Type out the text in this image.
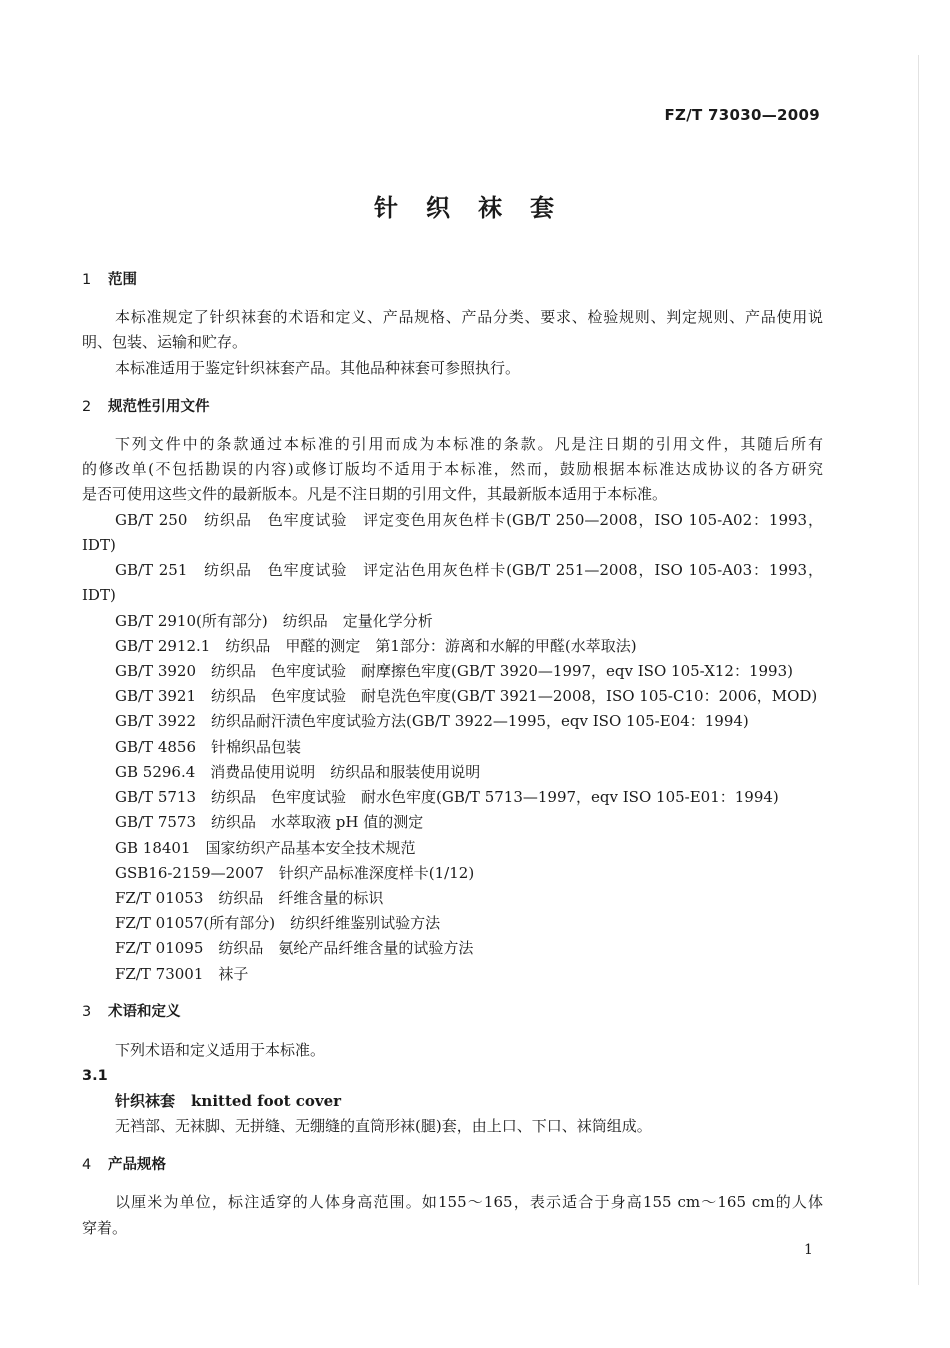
FZ/T 73030—2009
针织袜套
1 范围
本标准规定了针织袜套的术语和定义、产品规格、产品分类、要求、检验规则、判定规则、产品使用说
明、包装、运输和贮存。
本标准适用于鉴定针织袜套产品。其他品种袜套可参照执行。
2 规范性引用文件
下列文件中的条款通过本标准的引用而成为本标准的条款。凡是注日期的引用文件，其随后所有
的修改单(不包括勘误的内容)或修订版均不适用于本标准，然而，鼓励根据本标准达成协议的各方研究
是否可使用这些文件的最新版本。凡是不注日期的引用文件，其最新版本适用于本标准。
GB/T 250　纺织品　色牢度试验　评定变色用灰色样卡(GB/T 250—2008，ISO 105-A02：1993，
IDT)
GB/T 251　纺织品　色牢度试验　评定沾色用灰色样卡(GB/T 251—2008，ISO 105-A03：1993，
IDT)
GB/T 2910(所有部分)　纺织品　定量化学分析
GB/T 2912.1　纺织品　甲醛的测定　第1部分：游离和水解的甲醛(水萃取法)
GB/T 3920　纺织品　色牢度试验　耐摩擦色牢度(GB/T 3920—1997，eqv ISO 105-X12：1993)
GB/T 3921　纺织品　色牢度试验　耐皂洗色牢度(GB/T 3921—2008，ISO 105-C10：2006，MOD)
GB/T 3922　纺织品耐汗渍色牢度试验方法(GB/T 3922—1995，eqv ISO 105-E04：1994)
GB/T 4856　针棉织品包装
GB 5296.4　消费品使用说明　纺织品和服装使用说明
GB/T 5713　纺织品　色牢度试验　耐水色牢度(GB/T 5713—1997，eqv ISO 105-E01：1994)
GB/T 7573　纺织品　水萃取液 pH 值的测定
GB 18401　国家纺织产品基本安全技术规范
GSB16-2159—2007　针织产品标准深度样卡(1/12)
FZ/T 01053　纺织品　纤维含量的标识
FZ/T 01057(所有部分)　纺织纤维鉴别试验方法
FZ/T 01095　纺织品　氨纶产品纤维含量的试验方法
FZ/T 73001　袜子
3 术语和定义
下列术语和定义适用于本标准。
3.1
针织袜套 knitted foot cover
无裆部、无袜脚、无拼缝、无绷缝的直筒形袜(腿)套，由上口、下口、袜筒组成。
4 产品规格
以厘米为单位，标注适穿的人体身高范围。如155～165，表示适合于身高155 cm～165 cm的人体
穿着。
1
